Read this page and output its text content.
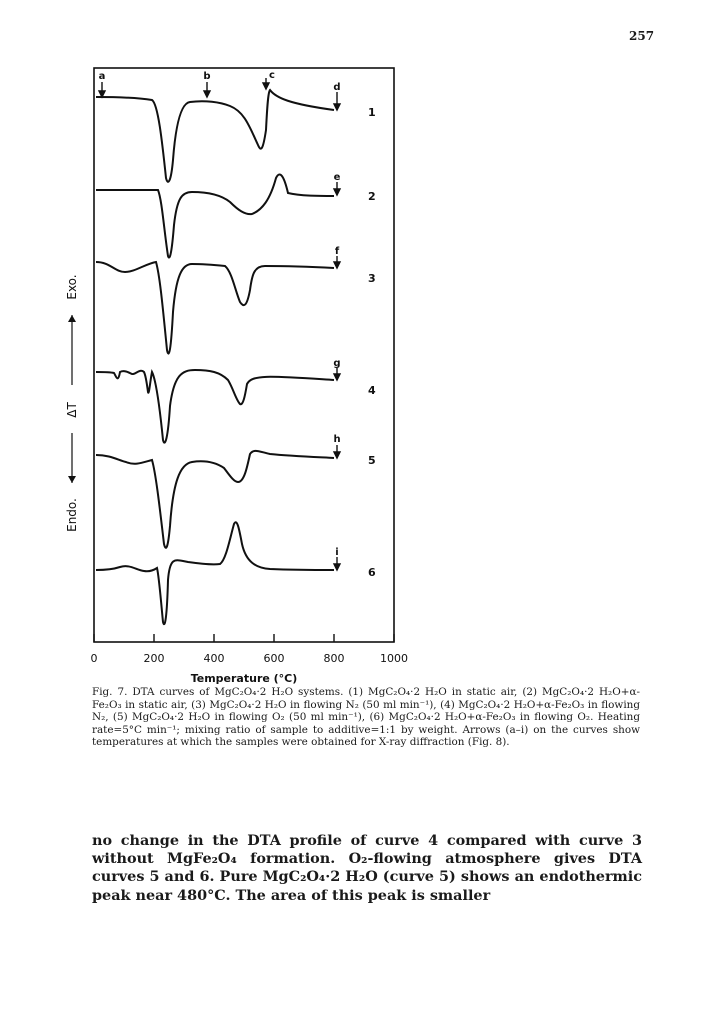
257
0	200	400	600	800	1000
Temperature (°C)
Endo.
ΔT
Exo.
a	b	c
d
e
f
g
h
i
1
2
3
4
5
6
Fig. 7. DTA curves of MgC₂O₄·2 H₂O systems. (1) MgC₂O₄·2 H₂O in static air, (2) MgC₂O₄·2 H₂O+α-Fe₂O₃ in static air, (3) MgC₂O₄·2 H₂O in flowing N₂ (50 ml min⁻¹), (4) MgC₂O₄·2 H₂O+α-Fe₂O₃ in flowing N₂, (5) MgC₂O₄·2 H₂O in flowing O₂ (50 ml min⁻¹), (6) MgC₂O₄·2 H₂O+α-Fe₂O₃ in flowing O₂. Heating rate=5°C min⁻¹; mixing ratio of sample to additive=1:1 by weight. Arrows (a–i) on the curves show temperatures at which the samples were obtained for X-ray diffraction (Fig. 8).

no change in the DTA profile of curve 4 compared with curve 3 without MgFe₂O₄ formation. O₂-flowing atmosphere gives DTA curves 5 and 6. Pure MgC₂O₄·2 H₂O (curve 5) shows an endothermic peak near 480°C. The area of this peak is smaller
